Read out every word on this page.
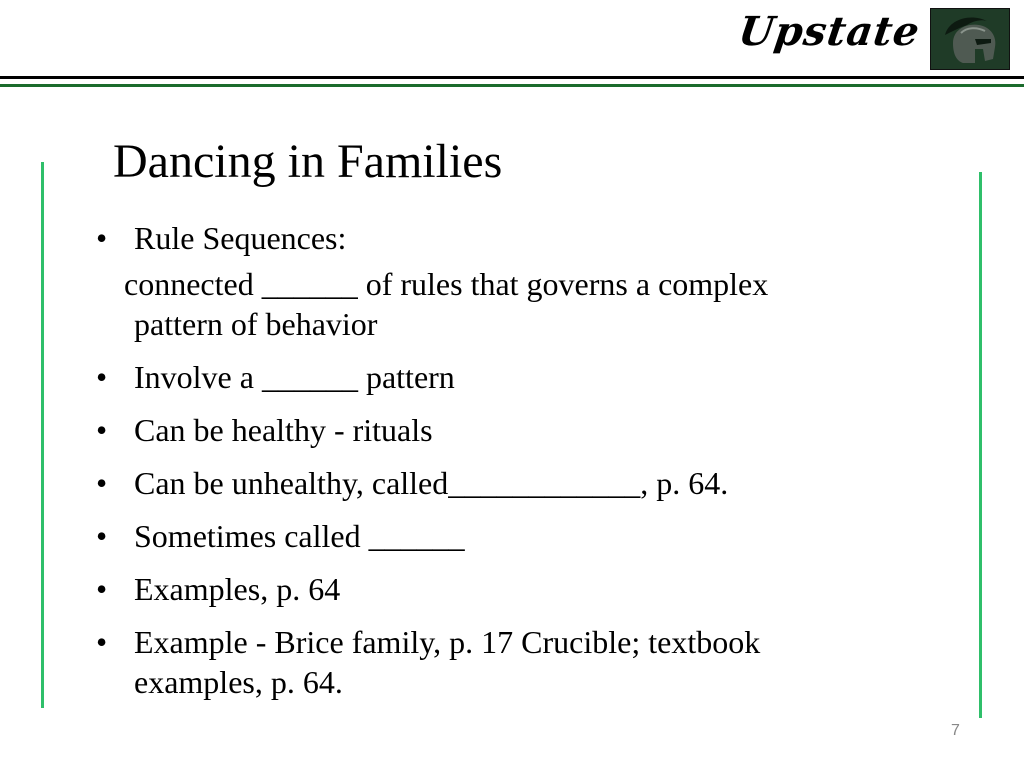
Upstate
Dancing in Families
• Rule Sequences:
connected ______ of rules that governs a complex
pattern of behavior
• Involve a ______ pattern
• Can be healthy - rituals
• Can be unhealthy, called____________, p. 64.
• Sometimes called ______
• Examples, p. 64
• Example - Brice family, p. 17 Crucible; textbook
examples, p. 64.
7
